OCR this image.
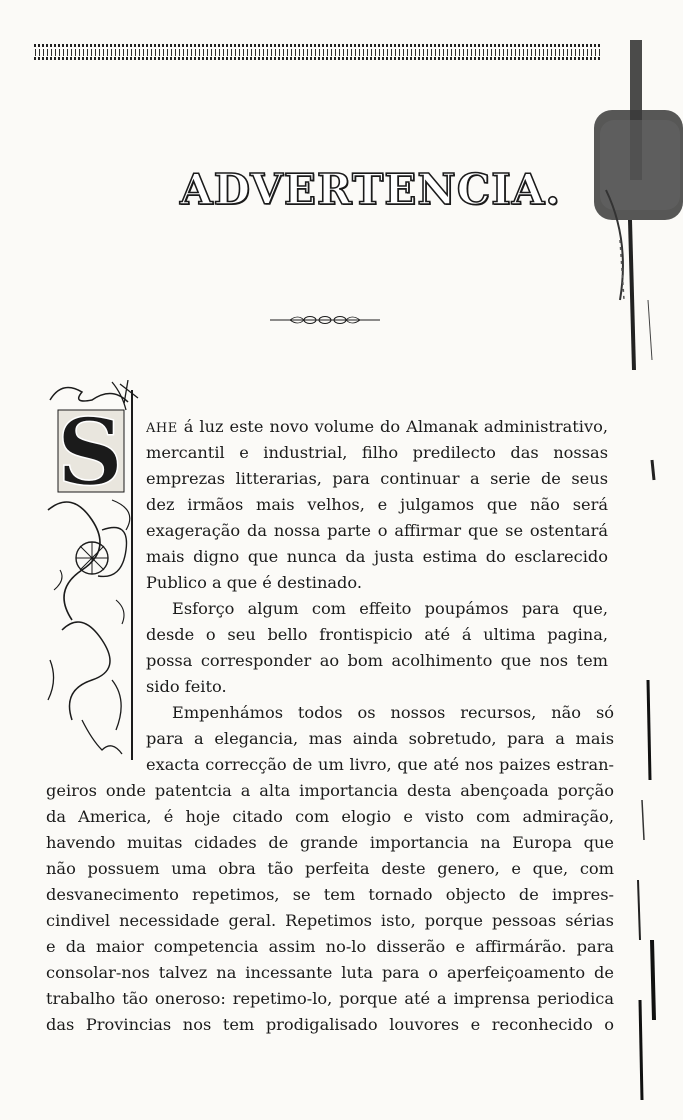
ADVERTENCIA.
S AHE á luz este novo volume do Almanak administrativo,
mercantil e industrial, filho predilecto das nossas
emprezas litterarias, para continuar a serie de seus
dez irmãos mais velhos, e julgamos que não será
exageração da nossa parte o affirmar que se ostentará
mais digno que nunca da justa estima do esclarecido
Publico a que é destinado.
Esforço algum com effeito poupámos para que,
desde o seu bello frontispicio até á ultima pagina,
possa corresponder ao bom acolhimento que nos tem
sido feito.
Empenhámos todos os nossos recursos, não só
para a elegancia, mas ainda sobretudo, para a mais
exacta correcção de um livro, que até nos paizes estran-
geiros onde patentcia a alta importancia desta abençoada porção
da America, é hoje citado com elogio e visto com admiração,
havendo muitas cidades de grande importancia na Europa que
não possuem uma obra tão perfeita deste genero, e que, com
desvanecimento repetimos, se tem tornado objecto de impres-
cindivel necessidade geral. Repetimos isto, porque pessoas sérias
e da maior competencia assim no-lo disserão e affirmárão. para
consolar-nos talvez na incessante luta para o aperfeiçoamento de
trabalho tão oneroso: repetimo-lo, porque até a imprensa periodica
das Provincias nos tem prodigalisado louvores e reconhecido o
